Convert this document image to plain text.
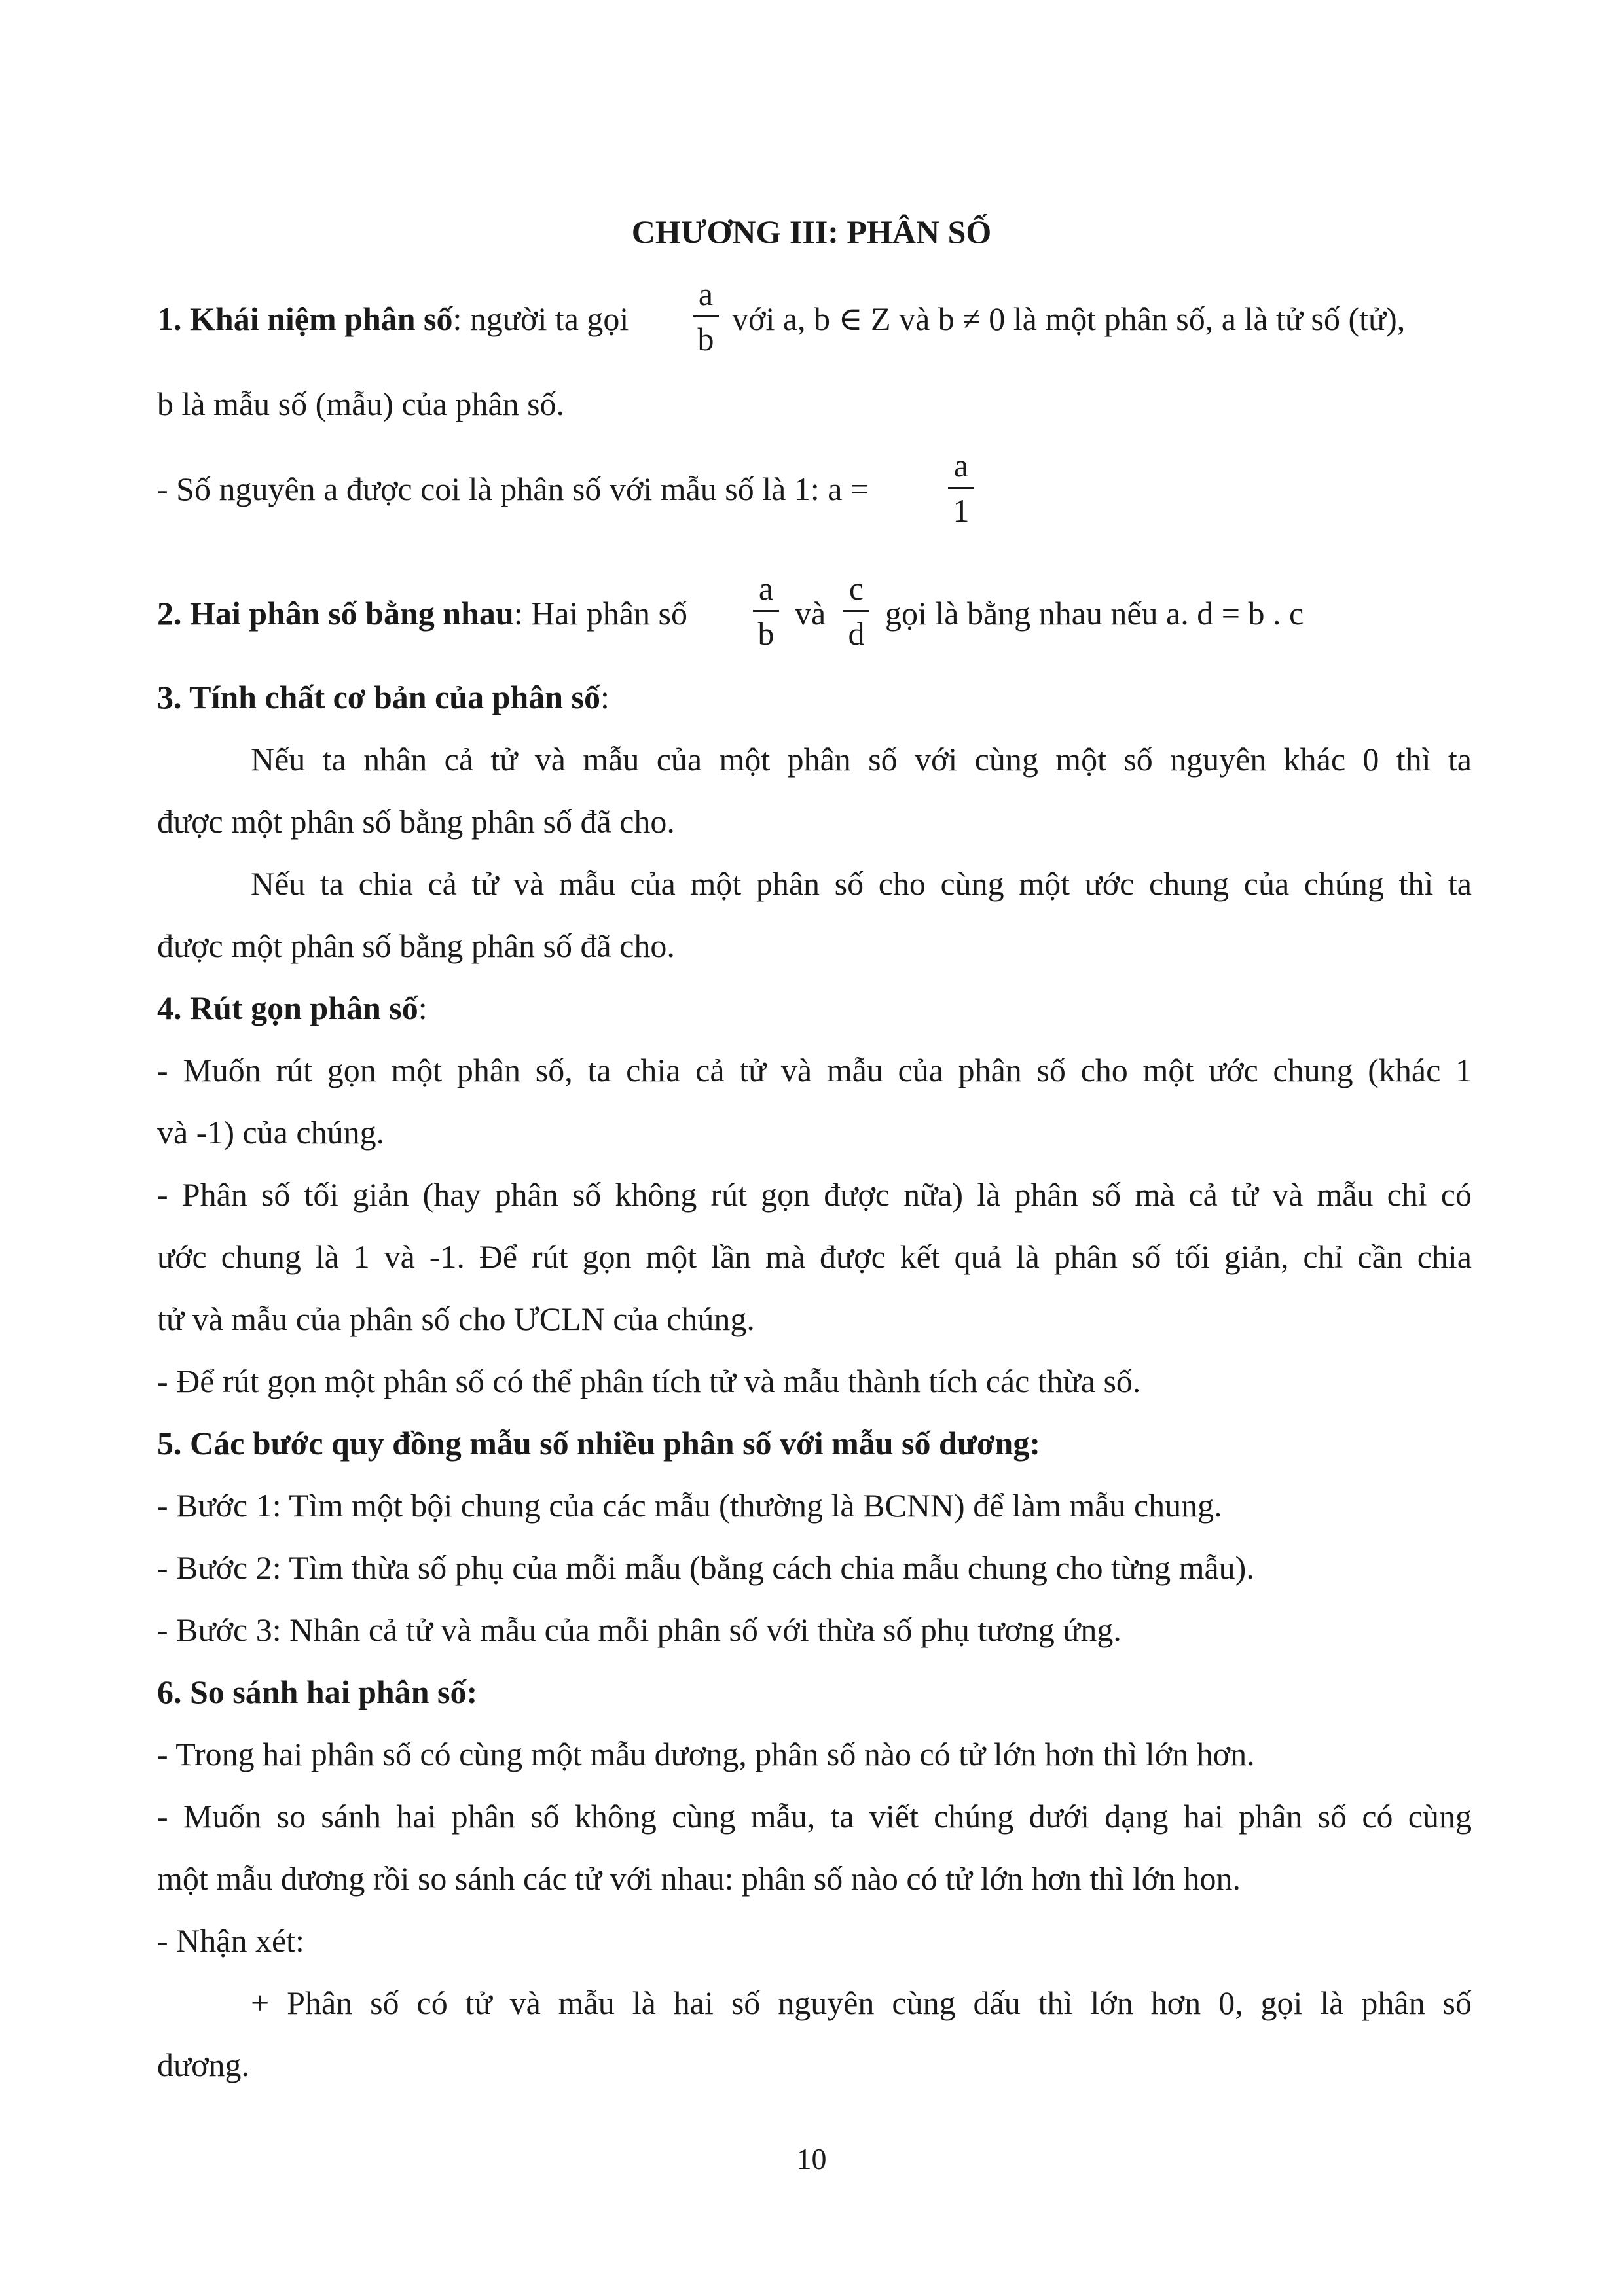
CHƯƠNG III: PHÂN SỐ
1. Khái niệm phân số: người ta gọi
a
b
với a, b ∈ Z và b ≠ 0 là một phân số, a là tử số (tử),
b là mẫu số (mẫu) của phân số.
- Số nguyên a được coi là phân số với mẫu số là 1: a =
a
1
2. Hai phân số bằng nhau: Hai phân số
a
b
và
c
d
gọi là bằng nhau nếu a. d = b . c
3. Tính chất cơ bản của phân số:
Nếu ta nhân cả tử và mẫu của một phân số với cùng một số nguyên khác 0 thì ta
được một phân số bằng phân số đã cho.
Nếu ta chia cả tử và mẫu của một phân số cho cùng một ước chung của chúng thì ta
được một phân số bằng phân số đã cho.
4. Rút gọn phân số:
- Muốn rút gọn một phân số, ta chia cả tử và mẫu của phân số cho một ước chung (khác 1
và -1) của chúng.
- Phân số tối giản (hay phân số không rút gọn được nữa) là phân số mà cả tử và mẫu chỉ có
ước chung là 1 và -1. Để rút gọn một lần mà được kết quả là phân số tối giản, chỉ cần chia
tử và mẫu của phân số cho ƯCLN của chúng.
- Để rút gọn một phân số có thể phân tích tử và mẫu thành tích các thừa số.
5. Các bước quy đồng mẫu số nhiều phân số với mẫu số dương:
- Bước 1: Tìm một bội chung của các mẫu (thường là BCNN) để làm mẫu chung.
- Bước 2: Tìm thừa số phụ của mỗi mẫu (bằng cách chia mẫu chung cho từng mẫu).
- Bước 3: Nhân cả tử và mẫu của mỗi phân số với thừa số phụ tương ứng.
6. So sánh hai phân số:
- Trong hai phân số có cùng một mẫu dương, phân số nào có tử lớn hơn thì lớn hơn.
- Muốn so sánh hai phân số không cùng mẫu, ta viết chúng dưới dạng hai phân số có cùng
một mẫu dương rồi so sánh các tử với nhau: phân số nào có tử lớn hơn thì lớn hon.
- Nhận xét:
+ Phân số có tử và mẫu là hai số nguyên cùng dấu thì lớn hơn 0, gọi là phân số
dương.
10
